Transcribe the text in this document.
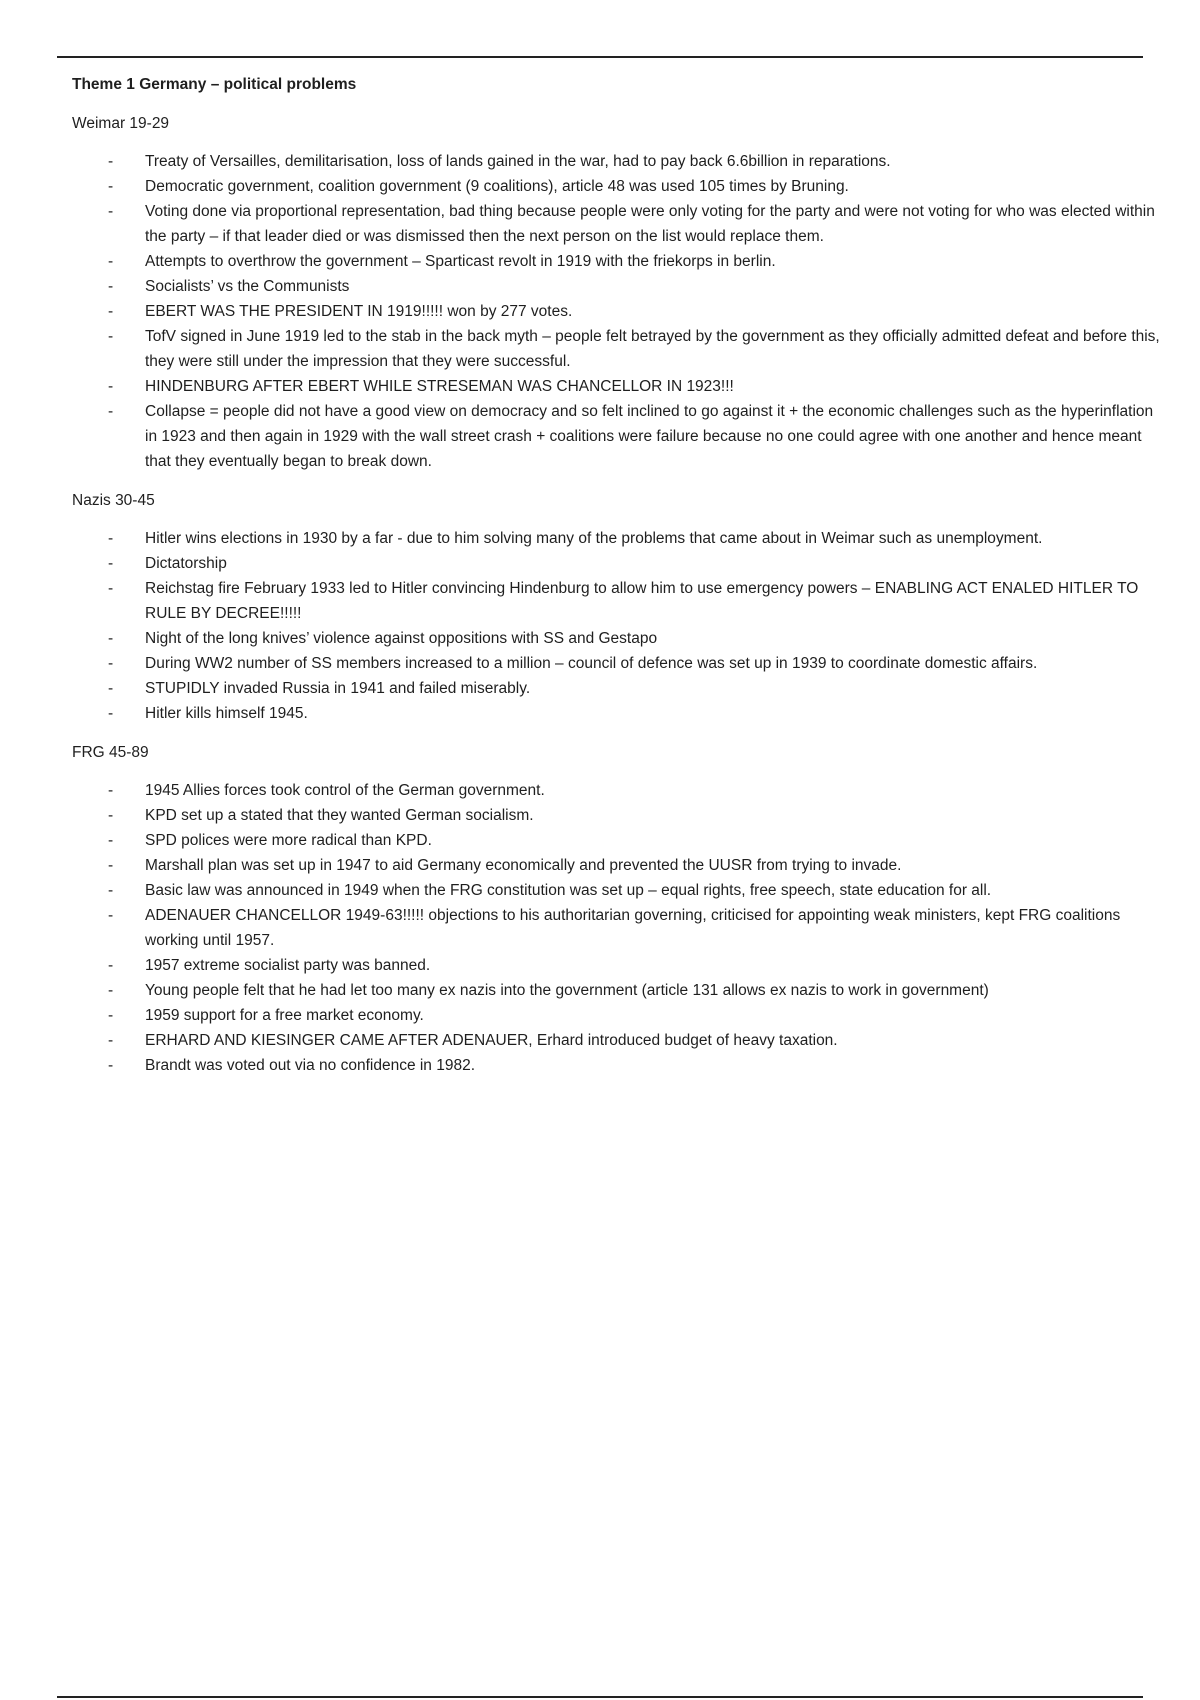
Theme 1 Germany – political problems
Weimar 19-29
- Treaty of Versailles, demilitarisation, loss of lands gained in the war, had to pay back 6.6billion in reparations.
- Democratic government, coalition government (9 coalitions), article 48 was used 105 times by Bruning.
- Voting done via proportional representation, bad thing because people were only voting for the party and were not voting for who was elected within the party – if that leader died or was dismissed then the next person on the list would replace them.
- Attempts to overthrow the government – Sparticast revolt in 1919 with the friekorps in berlin.
- Socialists’ vs the Communists
- EBERT WAS THE PRESIDENT IN 1919!!!!! won by 277 votes.
- TofV signed in June 1919 led to the stab in the back myth – people felt betrayed by the government as they officially admitted defeat and before this, they were still under the impression that they were successful.
- HINDENBURG AFTER EBERT WHILE STRESEMAN WAS CHANCELLOR IN 1923!!!
- Collapse = people did not have a good view on democracy and so felt inclined to go against it + the economic challenges such as the hyperinflation in 1923 and then again in 1929 with the wall street crash + coalitions were failure because no one could agree with one another and hence meant that they eventually began to break down.
Nazis 30-45
- Hitler wins elections in 1930 by a far - due to him solving many of the problems that came about in Weimar such as unemployment.
- Dictatorship
- Reichstag fire February 1933 led to Hitler convincing Hindenburg to allow him to use emergency powers – ENABLING ACT ENALED HITLER TO RULE BY DECREE!!!!!
- Night of the long knives’ violence against oppositions with SS and Gestapo
- During WW2 number of SS members increased to a million – council of defence was set up in 1939 to coordinate domestic affairs.
- STUPIDLY invaded Russia in 1941 and failed miserably.
- Hitler kills himself 1945.
FRG 45-89
- 1945 Allies forces took control of the German government.
- KPD set up a stated that they wanted German socialism.
- SPD polices were more radical than KPD.
- Marshall plan was set up in 1947 to aid Germany economically and prevented the UUSR from trying to invade.
- Basic law was announced in 1949 when the FRG constitution was set up – equal rights, free speech, state education for all.
- ADENAUER CHANCELLOR 1949-63!!!!! objections to his authoritarian governing, criticised for appointing weak ministers, kept FRG coalitions working until 1957.
- 1957 extreme socialist party was banned.
- Young people felt that he had let too many ex nazis into the government (article 131 allows ex nazis to work in government)
- 1959 support for a free market economy.
- ERHARD AND KIESINGER CAME AFTER ADENAUER, Erhard introduced budget of heavy taxation.
- Brandt was voted out via no confidence in 1982.
